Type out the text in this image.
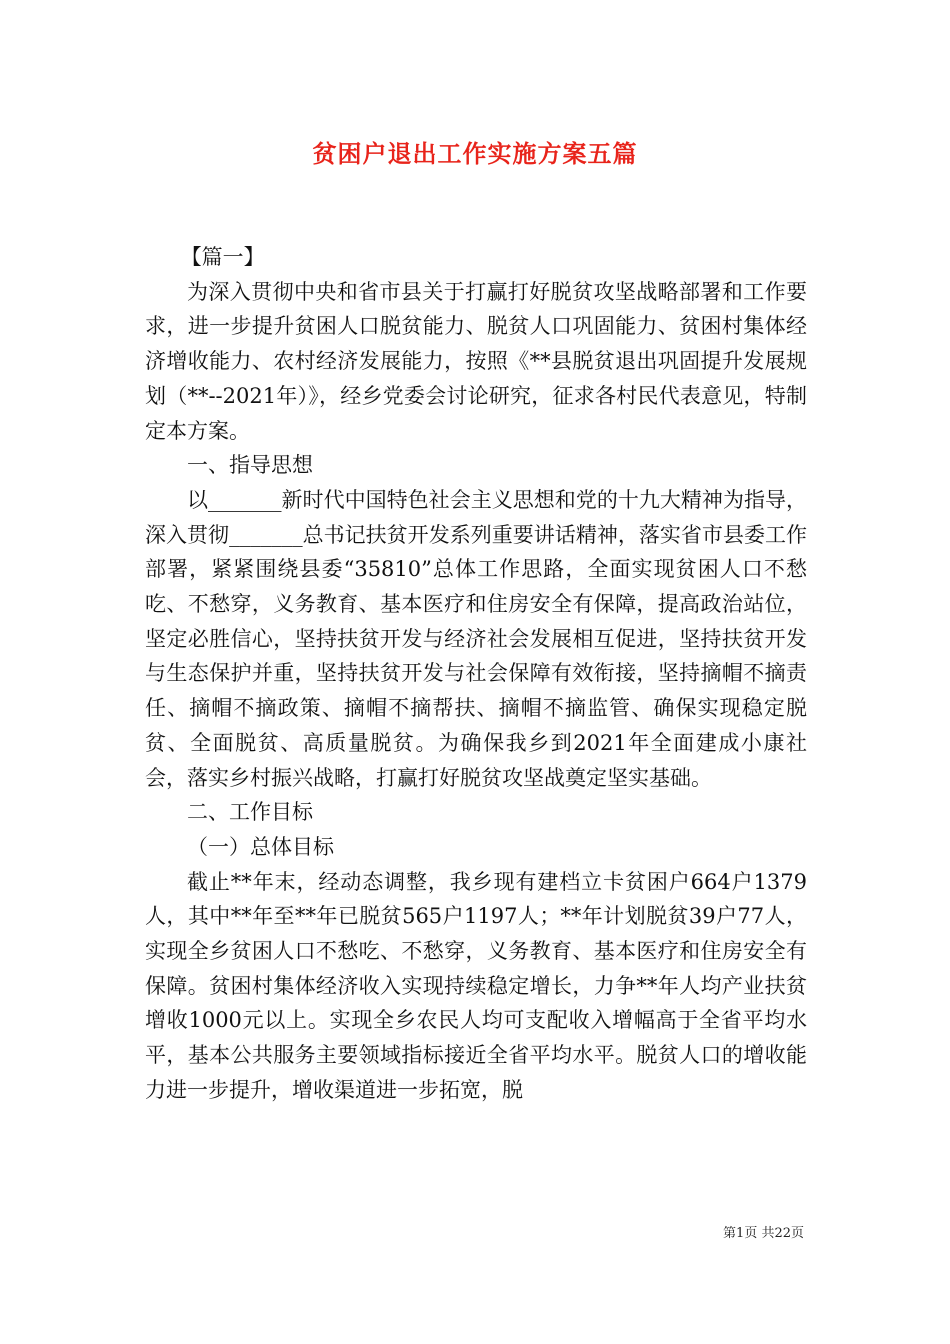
贫困户退出工作实施方案五篇

【篇一】

为深入贯彻中央和省市县关于打赢打好脱贫攻坚战略部署和工作要求，进一步提升贫困人口脱贫能力、脱贫人口巩固能力、贫困村集体经济增收能力、农村经济发展能力，按照《**县脱贫退出巩固提升发展规划（**--2021年）》，经乡党委会讨论研究，征求各村民代表意见，特制定本方案。

一、指导思想

以_______新时代中国特色社会主义思想和党的十九大精神为指导，深入贯彻_______总书记扶贫开发系列重要讲话精神，落实省市县委工作部署，紧紧围绕县委“35810”总体工作思路，全面实现贫困人口不愁吃、不愁穿，义务教育、基本医疗和住房安全有保障，提高政治站位，坚定必胜信心，坚持扶贫开发与经济社会发展相互促进，坚持扶贫开发与生态保护并重，坚持扶贫开发与社会保障有效衔接，坚持摘帽不摘责任、摘帽不摘政策、摘帽不摘帮扶、摘帽不摘监管、确保实现稳定脱贫、全面脱贫、高质量脱贫。为确保我乡到2021年全面建成小康社会，落实乡村振兴战略，打赢打好脱贫攻坚战奠定坚实基础。

二、工作目标

（一）总体目标

截止**年末，经动态调整，我乡现有建档立卡贫困户664户1379人，其中**年至**年已脱贫565户1197人；**年计划脱贫39户77人，实现全乡贫困人口不愁吃、不愁穿，义务教育、基本医疗和住房安全有保障。贫困村集体经济收入实现持续稳定增长，力争**年人均产业扶贫增收1000元以上。实现全乡农民人均可支配收入增幅高于全省平均水平，基本公共服务主要领域指标接近全省平均水平。脱贫人口的增收能力进一步提升，增收渠道进一步拓宽，脱

第1页 共22页
